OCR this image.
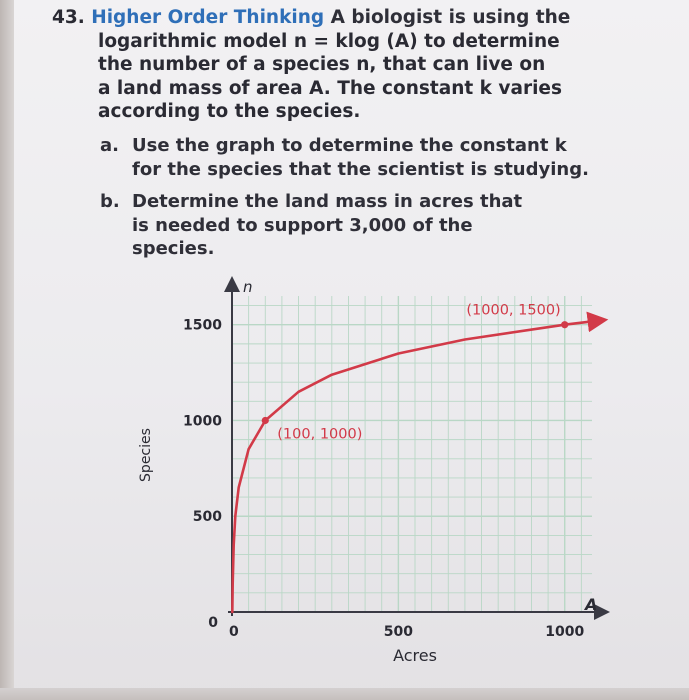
43. Higher Order Thinking A biologist is using the
logarithmic model n = klog (A) to determine
the number of a species n, that can live on
a land mass of area A. The constant k varies
according to the species.
a. Use the graph to determine the constant k
for the species that the scientist is studying.
b. Determine the land mass in acres that
is needed to support 3,000 of the
species.
0
500
1000
1500
0	500	1000
(100, 1000)
(1000, 1500)
n
A
Acres
Species
